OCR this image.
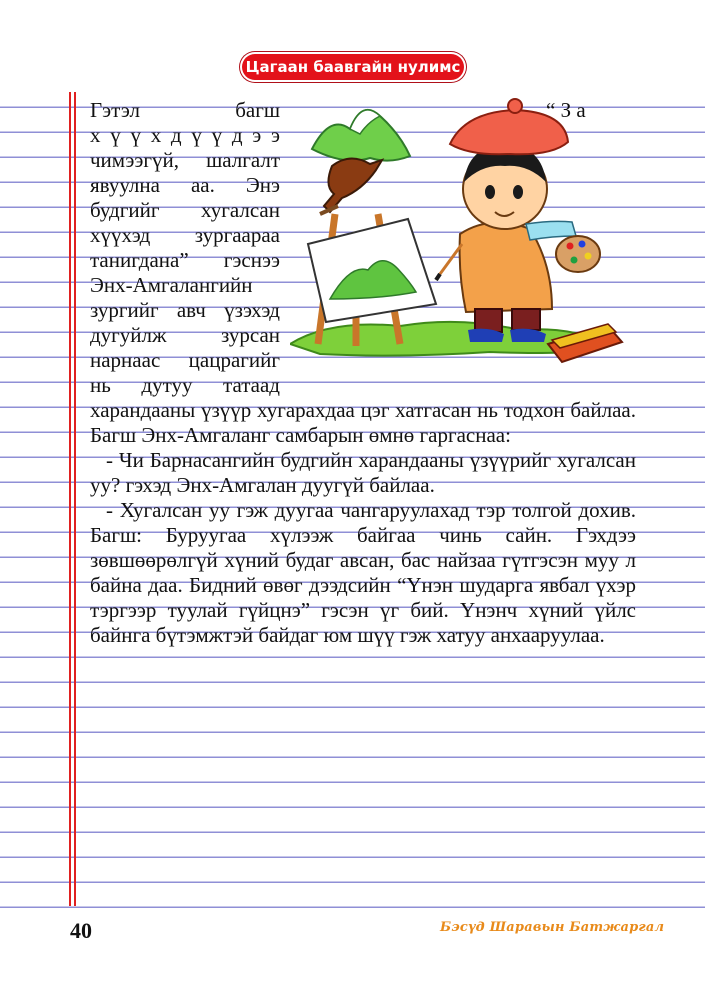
Цагаан баавгайн нулимс
Гэтэл багш	“ З а
х ү ү х д ү ү д э э
чимээгүй, шалгалт
явуулна аа. Энэ
будгийг хугалсан
хүүхэд зургаараа
танигдана” гэснээ
Энх-Амгалангийн
зургийг авч үзэхэд
дугуйлж зурсан
нарнаас цацрагийг
нь дутуу татаад

харандааны үзүүр хугарахдаа цэг хатгасан нь тодхон байлаа. Багш Энх-Амгаланг самбарын өмнө гаргаснаа:

- Чи Барнасангийн будгийн харандааны үзүүрийг хугалсан уу? гэхэд Энх-Амгалан дуугүй байлаа.

- Хугалсан уу гэж дуугаа чангаруулахад тэр толгой дохив. Багш: Буруугаа хүлээж байгаа чинь сайн. Гэхдээ зөвшөөрөлгүй хүний будаг авсан, бас найзаа гүтгэсэн муу л байна даа. Бидний өвөг дээдсийн “Үнэн шударга явбал үхэр тэргээр туулай гүйцнэ” гэсэн үг бий. Үнэнч хүний үйлс байнга бүтэмжтэй байдаг юм шүү гэж хатуу анхааруулаа.

40	Бэсүд Шаравын Батжаргал
